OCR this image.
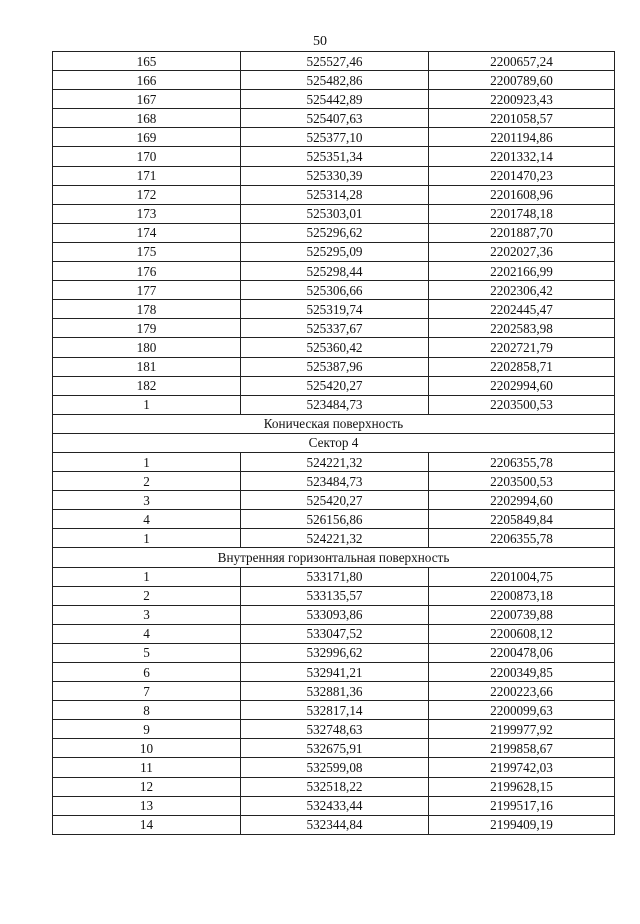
50
165	525527,46	2200657,24
166	525482,86	2200789,60
167	525442,89	2200923,43
168	525407,63	2201058,57
169	525377,10	2201194,86
170	525351,34	2201332,14
171	525330,39	2201470,23
172	525314,28	2201608,96
173	525303,01	2201748,18
174	525296,62	2201887,70
175	525295,09	2202027,36
176	525298,44	2202166,99
177	525306,66	2202306,42
178	525319,74	2202445,47
179	525337,67	2202583,98
180	525360,42	2202721,79
181	525387,96	2202858,71
182	525420,27	2202994,60
1	523484,73	2203500,53
Коническая поверхность		
Сектор 4		
1	524221,32	2206355,78
2	523484,73	2203500,53
3	525420,27	2202994,60
4	526156,86	2205849,84
1	524221,32	2206355,78
Внутренняя горизонтальная поверхность		
1	533171,80	2201004,75
2	533135,57	2200873,18
3	533093,86	2200739,88
4	533047,52	2200608,12
5	532996,62	2200478,06
6	532941,21	2200349,85
7	532881,36	2200223,66
8	532817,14	2200099,63
9	532748,63	2199977,92
10	532675,91	2199858,67
11	532599,08	2199742,03
12	532518,22	2199628,15
13	532433,44	2199517,16
14	532344,84	2199409,19
